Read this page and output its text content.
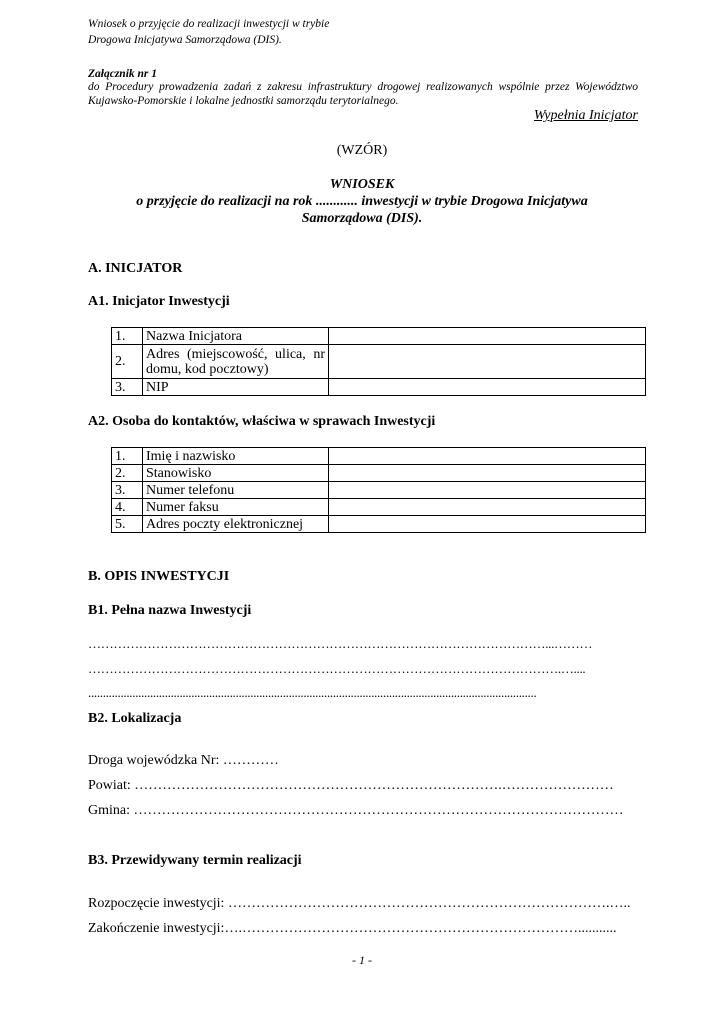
Wniosek o przyjęcie do realizacji inwestycji w trybie
Drogowa Inicjatywa Samorządowa (DIS).
Załącznik nr 1
do Procedury prowadzenia zadań z zakresu infrastruktury drogowej realizowanych wspólnie przez Województwo Kujawsko-Pomorskie i lokalne jednostki samorządu terytorialnego.
Wypełnia Inicjator
(WZÓR)
WNIOSEK
o przyjęcie do realizacji na rok ............ inwestycji w trybie Drogowa Inicjatywa
Samorządowa (DIS).
A. INICJATOR
A1. Inicjator Inwestycji
1.	Nazwa Inicjatora	
2.	Adres (miejscowość, ulica, nr domu, kod pocztowy)	
3.	NIP	
A2. Osoba do kontaktów, właściwa w sprawach Inwestycji
1.	Imię i nazwisko	
2.	Stanowisko	
3.	Numer telefonu	
4.	Numer faksu	
5.	Adres poczty elektronicznej	
B. OPIS INWESTYCJI
B1. Pełna nazwa Inwestycji
………………………………………………………………………………………………...………
………………………………………………………………………………………………….…....
........................................................................................................................................................
B2. Lokalizacja
Droga wojewódzka Nr: …………
Powiat: …………………………………………………………………….……………………
Gmina: ……………………………………………………………………………………………
B3. Przewidywany termin realizacji
Rozpoczęcie inwestycji: ……………………………………………………………………….…..
Zakończenie inwestycji:….………………………………………………………………...........
- 1 -
